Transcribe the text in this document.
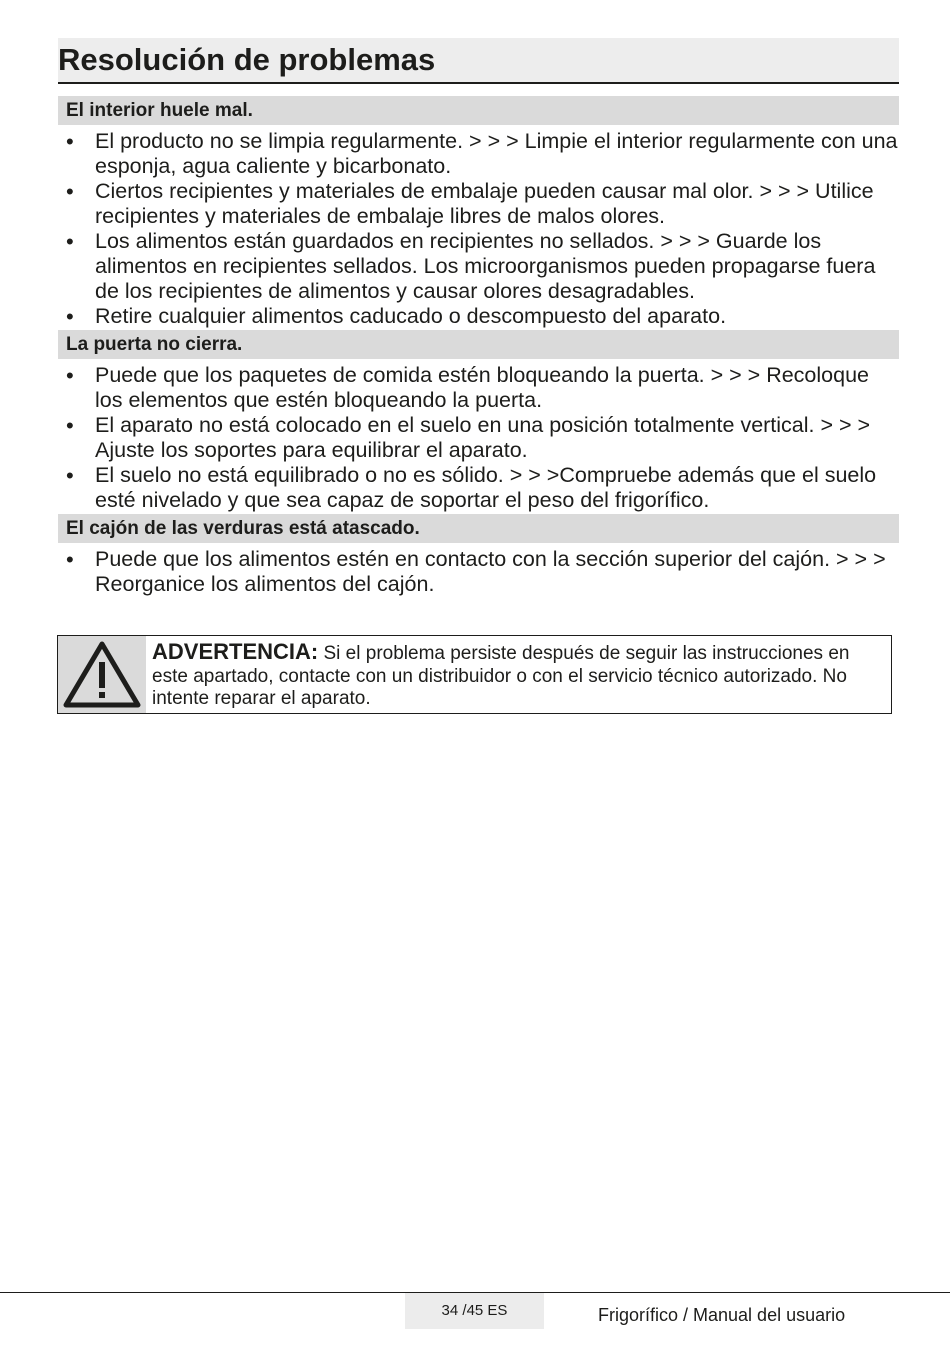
Resolución de problemas
El interior huele mal.
• El producto no se limpia regularmente. > > > Limpie el interior regularmente con una esponja, agua caliente y bicarbonato.
• Ciertos recipientes y materiales de embalaje pueden causar mal olor. > > > Utilice recipientes y materiales de embalaje libres de malos olores.
• Los alimentos están guardados en recipientes no sellados. > > > Guarde los alimentos en recipientes sellados. Los microorganismos pueden propagarse fuera de los recipientes de alimentos y causar olores desagradables.
• Retire cualquier alimentos caducado o descompuesto del aparato.
La puerta no cierra.
• Puede que los paquetes de comida estén bloqueando la puerta. > > > Recoloque los elementos que estén bloqueando la puerta.
• El aparato no está colocado en el suelo en una posición totalmente vertical. > > > Ajuste los soportes para equilibrar el aparato.
• El suelo no está equilibrado o no es sólido. > > >Compruebe además que el suelo esté nivelado y que sea capaz de soportar el peso del frigorífico.
El cajón de las verduras está atascado.
• Puede que los alimentos estén en contacto con la sección superior del cajón. > > > Reorganice los alimentos del cajón.
ADVERTENCIA: Si el problema persiste después de seguir las instrucciones en este apartado, contacte con un distribuidor o con el servicio técnico autorizado. No intente reparar el aparato.
34 /45 ES	Frigorífico / Manual del usuario
